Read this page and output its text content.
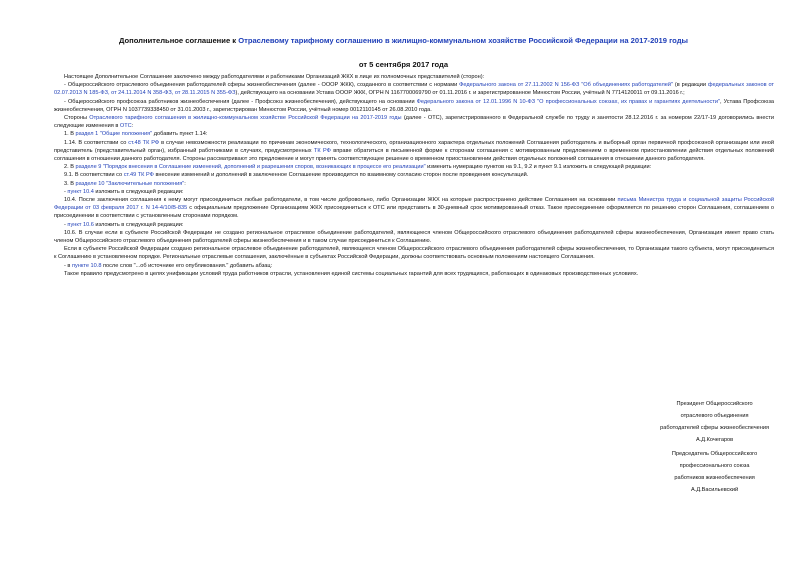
Дополнительное соглашение к Отраслевому тарифному соглашению в жилищно-коммунальном хозяйстве Российской Федерации на 2017-2019 годы
от 5 сентября 2017 года

Настоящее Дополнительное Соглашение заключено между работодателями и работниками Организаций ЖКХ в лице их полномочных представителей (сторон):

- Общероссийского отраслевого объединения работодателей сферы жизнеобеспечения (далее - ОООР ЖКК), созданного в соответствии с нормами Федерального закона от 27.11.2002 N 156-ФЗ "Об объединениях работодателей" (в редакции федеральных законов от 02.07.2013 N 185-ФЗ, от 24.11.2014 N 358-ФЗ, от 28.11.2015 N 355-ФЗ), действующего на основании Устава ОООР ЖКК, ОГРН N 1167700069790 от 01.11.2016 г. и зарегистрированное Минюстом России, учётный N 7714120011 от 09.11.2016 г.;

- Общероссийского профсоюза работников жизнеобеспечения (далее - Профсоюз жизнеобеспечения), действующего на основании Федерального закона от 12.01.1996 N 10-ФЗ "О профессиональных союзах, их правах и гарантиях деятельности", Устава Профсоюза жизнеобеспечения, ОГРН N 1037739338450 от 31.01.2003 г., зарегистрирован Минюстом России, учётный номер 0012110145 от 26.08.2010 года.

Стороны Отраслевого тарифного соглашения в жилищно-коммунальном хозяйстве Российской Федерации на 2017-2019 годы (далее - ОТС), зарегистрированного в Федеральной службе по труду и занятости 28.12.2016 г. за номером 22/17-19 договорились внести следующие изменения в ОТС:

1. В раздел 1 "Общие положения" добавить пункт 1.14:

1.14. В соответствии со ст.48 ТК РФ в случае невозможности реализации по причинам экономического, технологического, организационного характера отдельных положений Соглашения работодатель и выборный орган первичной профсоюзной организации или иной представитель (представительный орган), избранный работниками в случаях, предусмотренных ТК РФ вправе обратиться в письменной форме к сторонам соглашения с мотивированным предложением о временном приостановлении действия отдельных положений соглашения в отношении данного работодателя. Стороны рассматривают это предложение и могут принять соответствующее решение о временном приостановлении действия отдельных положений соглашения в отношении данного работодателя.

2. В разделе 9 "Порядок внесения в Соглашение изменений, дополнений и разрешения споров, возникающих в процессе его реализации" изменить нумерацию пунктов на 9.1, 9.2 и пункт 9.1 изложить в следующей редакции:

9.1. В соответствии со ст.49 ТК РФ внесение изменений и дополнений в заключенное Соглашение производится по взаимному согласию сторон после проведения консультаций.

3. В разделе 10 "Заключительные положения":

- пункт 10.4 изложить в следующей редакции:

10.4. После заключения соглашения к нему могут присоединиться любые работодатели, в том числе добровольно, либо Организации ЖКХ на которые распространено действие Соглашения на основании письма Министра труда и социальной защиты Российской Федерации от 03 февраля 2017 г. N 14-4/10/В-835 с официальным предложение Организациям ЖКХ присоединиться к ОТС или представить в 30-дневный срок мотивированный отказ. Такое присоединение оформляется по решению сторон Соглашения, соглашением о присоединении в соответствии с установленным сторонами порядком.

- пункт 10.6 изложить в следующей редакции:

10.6. В случае если в субъекте Российской Федерации не создано региональное отраслевое объединение работодателей, являющееся членом Общероссийского отраслевого объединения работодателей сферы жизнеобеспечения, Организация имеет право стать членом Общероссийского отраслевого объединения работодателей сферы жизнеобеспечения и в таком случае присоединиться к Соглашению.

Если в субъекте Российской Федерации создано региональное отраслевое объединение работодателей, являющееся членом Общероссийского отраслевого объединения работодателей сферы жизнеобеспечения, то Организации такого субъекта, могут присоединиться к Соглашению в установленном порядке. Региональные отраслевые соглашения, заключённые в субъектах Российской Федерации, должны соответствовать основным положениям настоящего Соглашения.

- в пункте 10.8 после слов "...об источнике его опубликования." добавить абзац:

Такое правило предусмотрено в целях унификации условий труда работников отрасли, установления единой системы социальных гарантий для всех трудящихся, работающих в одинаковых производственных условиях.

Президент Общероссийского
отраслевого объединения
работодателей сферы жизнеобеспечения
А.Д.Кочегаров
Председатель Общероссийского
профессионального союза
работников жизнеобеспечения
А.Д.Васильевский
